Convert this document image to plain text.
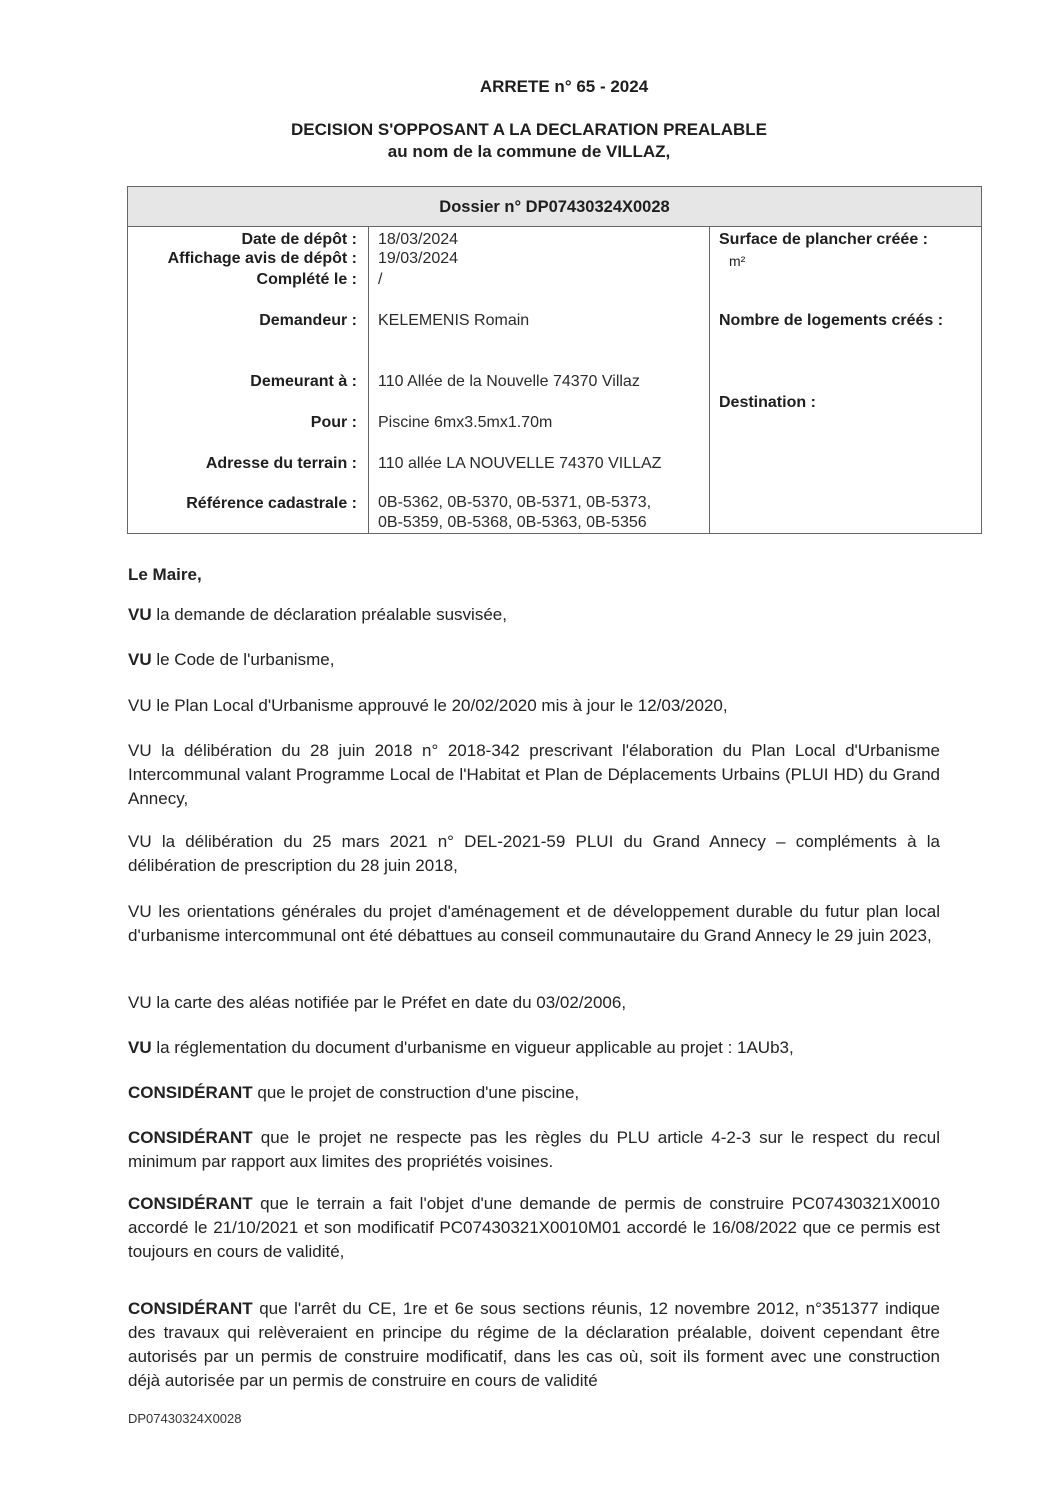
ARRETE n° 65 - 2024
DECISION S'OPPOSANT A LA DECLARATION PREALABLE
au nom de la commune de VILLAZ,
Dossier n° DP07430324X0028
Date de dépôt : 18/03/2024
Affichage avis de dépôt : 19/03/2024
Complété le : /
Demandeur : KELEMENIS Romain
Demeurant à : 110 Allée de la Nouvelle 74370 Villaz
Pour : Piscine 6mx3.5mx1.70m
Adresse du terrain : 110 allée LA NOUVELLE 74370 VILLAZ
Référence cadastrale : 0B-5362, 0B-5370, 0B-5371, 0B-5373,
0B-5359, 0B-5368, 0B-5363, 0B-5356
Surface de plancher créée :
m²
Nombre de logements créés :
Destination :
Le Maire,
VU la demande de déclaration préalable susvisée,
VU le Code de l'urbanisme,
VU le Plan Local d'Urbanisme approuvé le 20/02/2020 mis à jour le 12/03/2020,
VU la délibération du 28 juin 2018 n° 2018-342 prescrivant l'élaboration du Plan Local d'Urbanisme Intercommunal valant Programme Local de l'Habitat et Plan de Déplacements Urbains (PLUI HD) du Grand Annecy,
VU la délibération du 25 mars 2021 n° DEL-2021-59 PLUI du Grand Annecy – compléments à la délibération de prescription du 28 juin 2018,
VU les orientations générales du projet d'aménagement et de développement durable du futur plan local d'urbanisme intercommunal ont été débattues au conseil communautaire du Grand Annecy le 29 juin 2023,
VU la carte des aléas notifiée par le Préfet en date du 03/02/2006,
VU la réglementation du document d'urbanisme en vigueur applicable au projet : 1AUb3,
CONSIDÉRANT que le projet de construction d'une piscine,
CONSIDÉRANT que le projet ne respecte pas les règles du PLU article 4-2-3 sur le respect du recul minimum par rapport aux limites des propriétés voisines.
CONSIDÉRANT que le terrain a fait l'objet d'une demande de permis de construire PC07430321X0010 accordé le 21/10/2021 et son modificatif PC07430321X0010M01 accordé le 16/08/2022 que ce permis est toujours en cours de validité,
CONSIDÉRANT que l'arrêt du CE, 1re et 6e sous sections réunis, 12 novembre 2012, n°351377 indique des travaux qui relèveraient en principe du régime de la déclaration préalable, doivent cependant être autorisés par un permis de construire modificatif, dans les cas où, soit ils forment avec une construction déjà autorisée par un permis de construire en cours de validité
DP07430324X0028
